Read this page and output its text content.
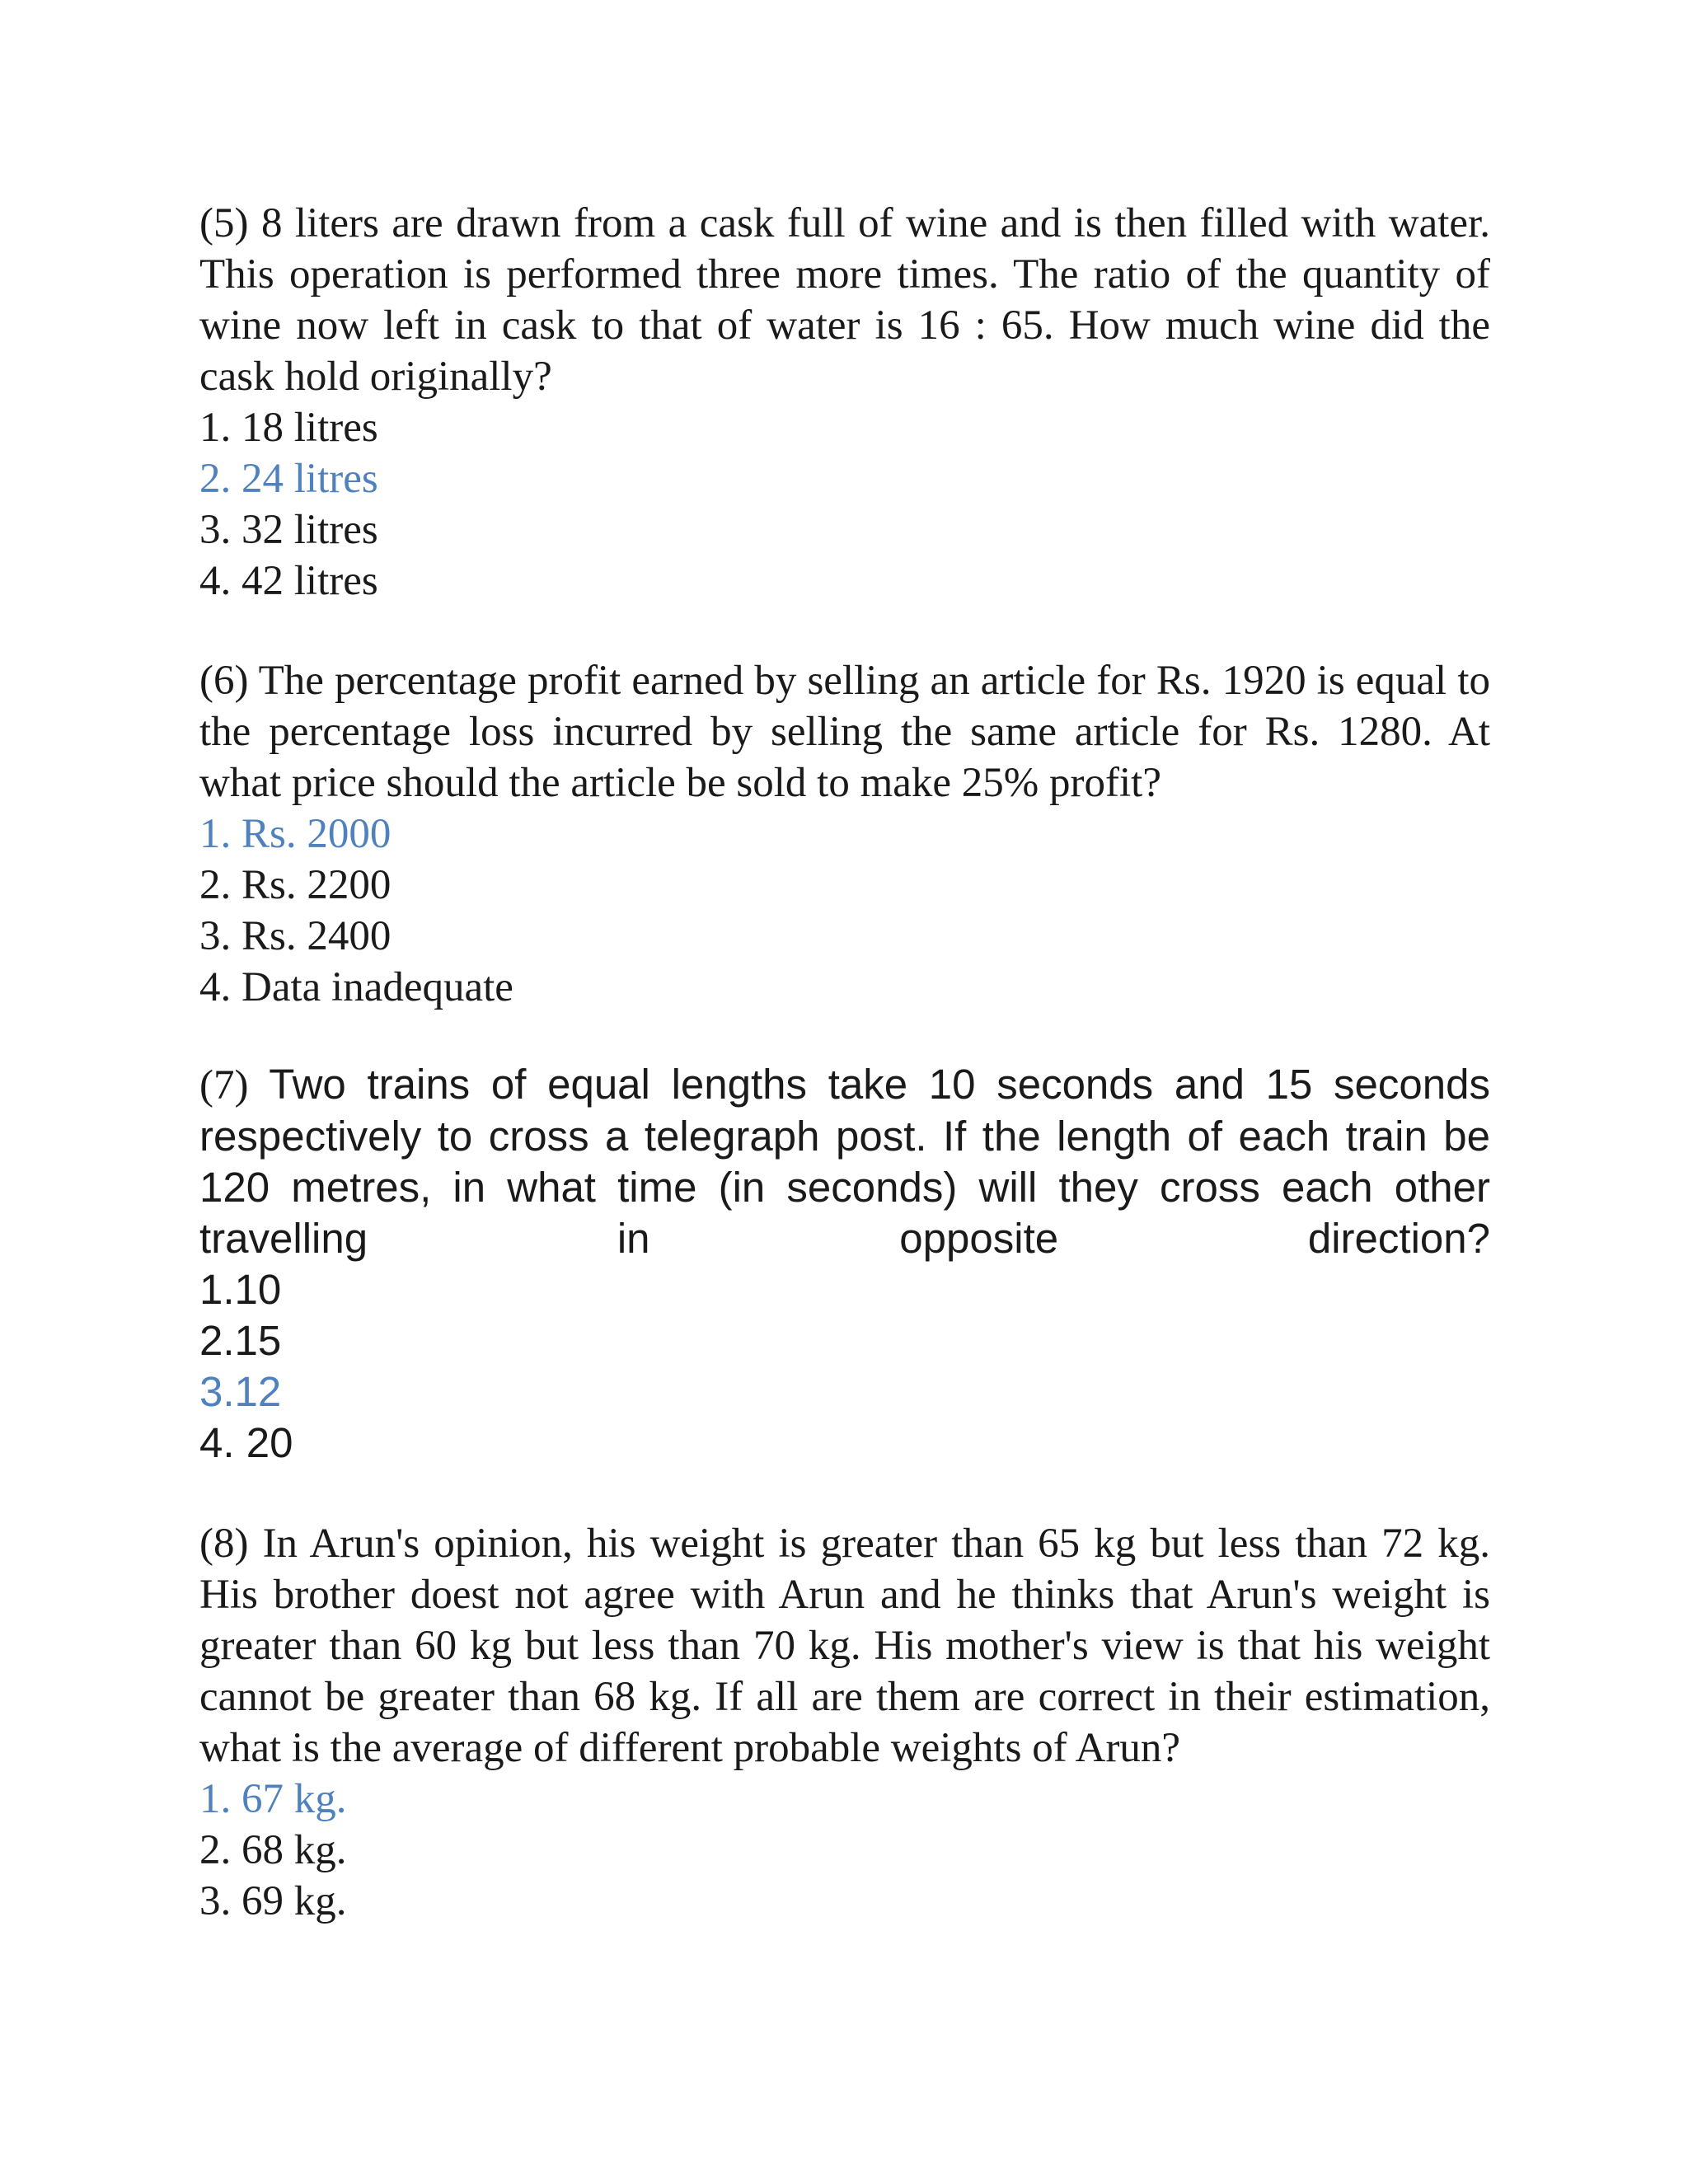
(5) 8 liters are drawn from a cask full of wine and is then filled with water. This operation is performed three more times. The ratio of the quantity of wine now left in cask to that of water is 16 : 65. How much wine did the cask hold originally?

1. 18 litres
2. 24 litres
3. 32 litres
4. 42 litres

(6) The percentage profit earned by selling an article for Rs. 1920 is equal to the percentage loss incurred by selling the same article for Rs. 1280. At what price should the article be sold to make 25% profit?

1. Rs. 2000
2. Rs. 2200
3. Rs. 2400
4. Data inadequate

(7) Two trains of equal lengths take 10 seconds and 15 seconds respectively to cross a telegraph post. If the length of each train be 120 metres, in what time (in seconds) will they cross each other travelling in opposite direction?

1.10
2.15
3.12
4. 20

(8) In Arun's opinion, his weight is greater than 65 kg but less than 72 kg. His brother doest not agree with Arun and he thinks that Arun's weight is greater than 60 kg but less than 70 kg. His mother's view is that his weight cannot be greater than 68 kg. If all are them are correct in their estimation, what is the average of different probable weights of Arun?

1. 67 kg.
2. 68 kg.
3. 69 kg.
